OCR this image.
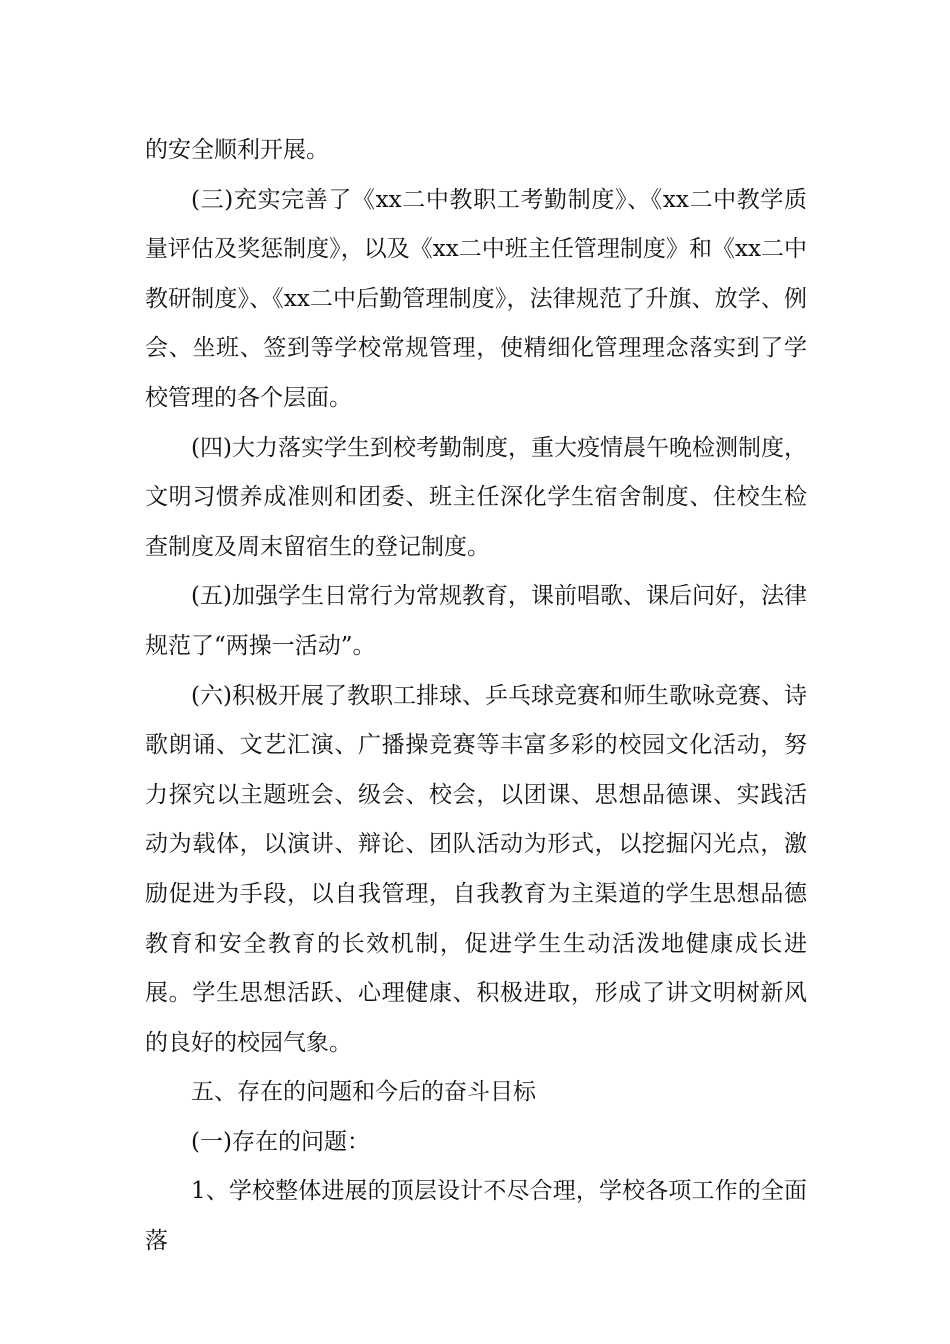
的安全顺利开展。

(三)充实完善了《xx二中教职工考勤制度》、《xx二中教学质量评估及奖惩制度》，以及《xx二中班主任管理制度》和《xx二中教研制度》、《xx二中后勤管理制度》，法律规范了升旗、放学、例会、坐班、签到等学校常规管理，使精细化管理理念落实到了学校管理的各个层面。

(四)大力落实学生到校考勤制度，重大疫情晨午晚检测制度，文明习惯养成准则和团委、班主任深化学生宿舍制度、住校生检查制度及周末留宿生的登记制度。

(五)加强学生日常行为常规教育，课前唱歌、课后问好，法律规范了“两操一活动”。

(六)积极开展了教职工排球、乒乓球竞赛和师生歌咏竞赛、诗歌朗诵、文艺汇演、广播操竞赛等丰富多彩的校园文化活动，努力探究以主题班会、级会、校会，以团课、思想品德课、实践活动为载体，以演讲、辩论、团队活动为形式，以挖掘闪光点，激励促进为手段，以自我管理，自我教育为主渠道的学生思想品德教育和安全教育的长效机制，促进学生生动活泼地健康成长进展。学生思想活跃、心理健康、积极进取，形成了讲文明树新风的良好的校园气象。

五、存在的问题和今后的奋斗目标

(一)存在的问题：

1、学校整体进展的顶层设计不尽合理，学校各项工作的全面落
